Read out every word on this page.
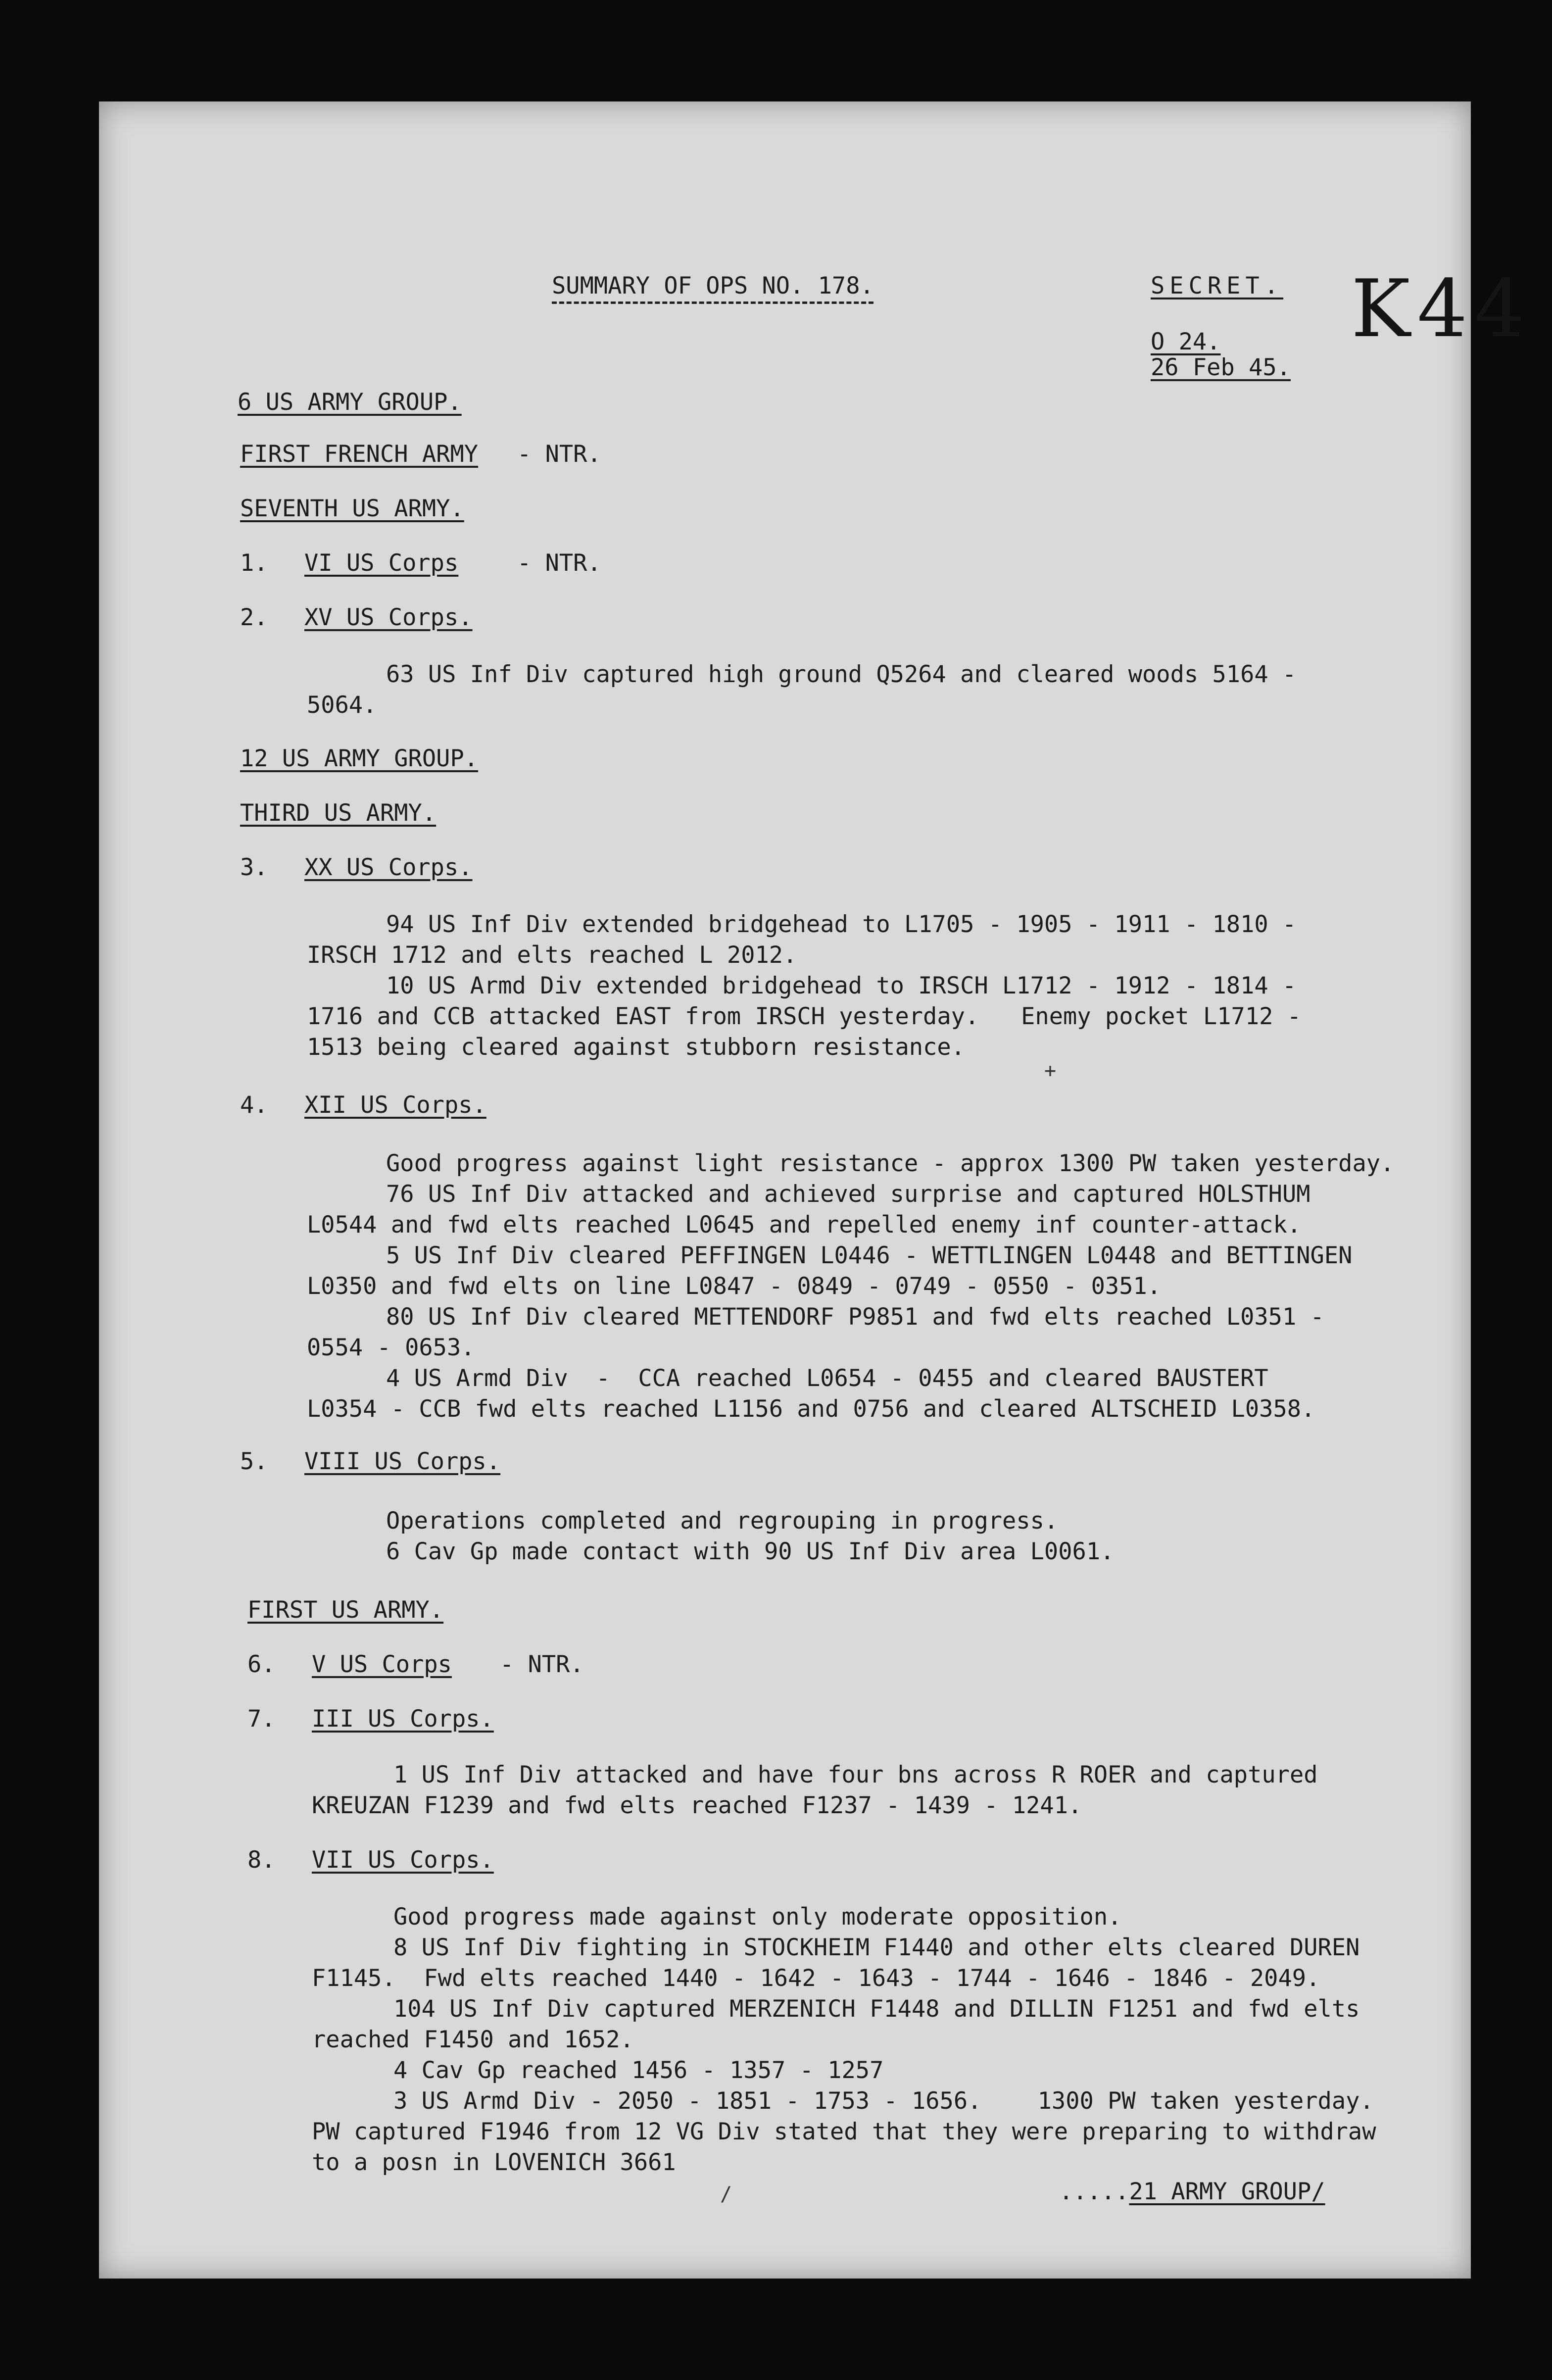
K44
SUMMARY OF OPS NO. 178.	SECRET.
O 24.
26 Feb 45.
6 US ARMY GROUP.
FIRST FRENCH ARMY - NTR.
SEVENTH US ARMY.
1. VI US Corps	- NTR.
2. XV US Corps.
63 US Inf Div captured high ground Q5264 and cleared woods 5164 -
5064.
12 US ARMY GROUP.
THIRD US ARMY.
3. XX US Corps.
94 US Inf Div extended bridgehead to L1705 - 1905 - 1911 - 1810 -
IRSCH 1712 and elts reached L 2012.
10 US Armd Div extended bridgehead to IRSCH L1712 - 1912 - 1814 -
1716 and CCB attacked EAST from IRSCH yesterday.   Enemy pocket L1712 -
1513 being cleared against stubborn resistance.
+
4. XII US Corps.
Good progress against light resistance - approx 1300 PW taken yesterday.
76 US Inf Div attacked and achieved surprise and captured HOLSTHUM
L0544 and fwd elts reached L0645 and repelled enemy inf counter-attack.
5 US Inf Div cleared PEFFINGEN L0446 - WETTLINGEN L0448 and BETTINGEN
L0350 and fwd elts on line L0847 - 0849 - 0749 - 0550 - 0351.
80 US Inf Div cleared METTENDORF P9851 and fwd elts reached L0351 -
0554 - 0653.
4 US Armd Div  -  CCA reached L0654 - 0455 and cleared BAUSTERT
L0354 - CCB fwd elts reached L1156 and 0756 and cleared ALTSCHEID L0358.
5. VIII US Corps.
Operations completed and regrouping in progress.
6 Cav Gp made contact with 90 US Inf Div area L0061.
FIRST US ARMY.
6. V US Corps - NTR.
7. III US Corps.
1 US Inf Div attacked and have four bns across R ROER and captured
KREUZAN F1239 and fwd elts reached F1237 - 1439 - 1241.
8. VII US Corps.
Good progress made against only moderate opposition.
8 US Inf Div fighting in STOCKHEIM F1440 and other elts cleared DUREN
F1145.  Fwd elts reached 1440 - 1642 - 1643 - 1744 - 1646 - 1846 - 2049.
104 US Inf Div captured MERZENICH F1448 and DILLIN F1251 and fwd elts
reached F1450 and 1652.
4 Cav Gp reached 1456 - 1357 - 1257
3 US Armd Div - 2050 - 1851 - 1753 - 1656.    1300 PW taken yesterday.
PW captured F1946 from 12 VG Div stated that they were preparing to withdraw
to a posn in LOVENICH 3661
.....21 ARMY GROUP/
/
